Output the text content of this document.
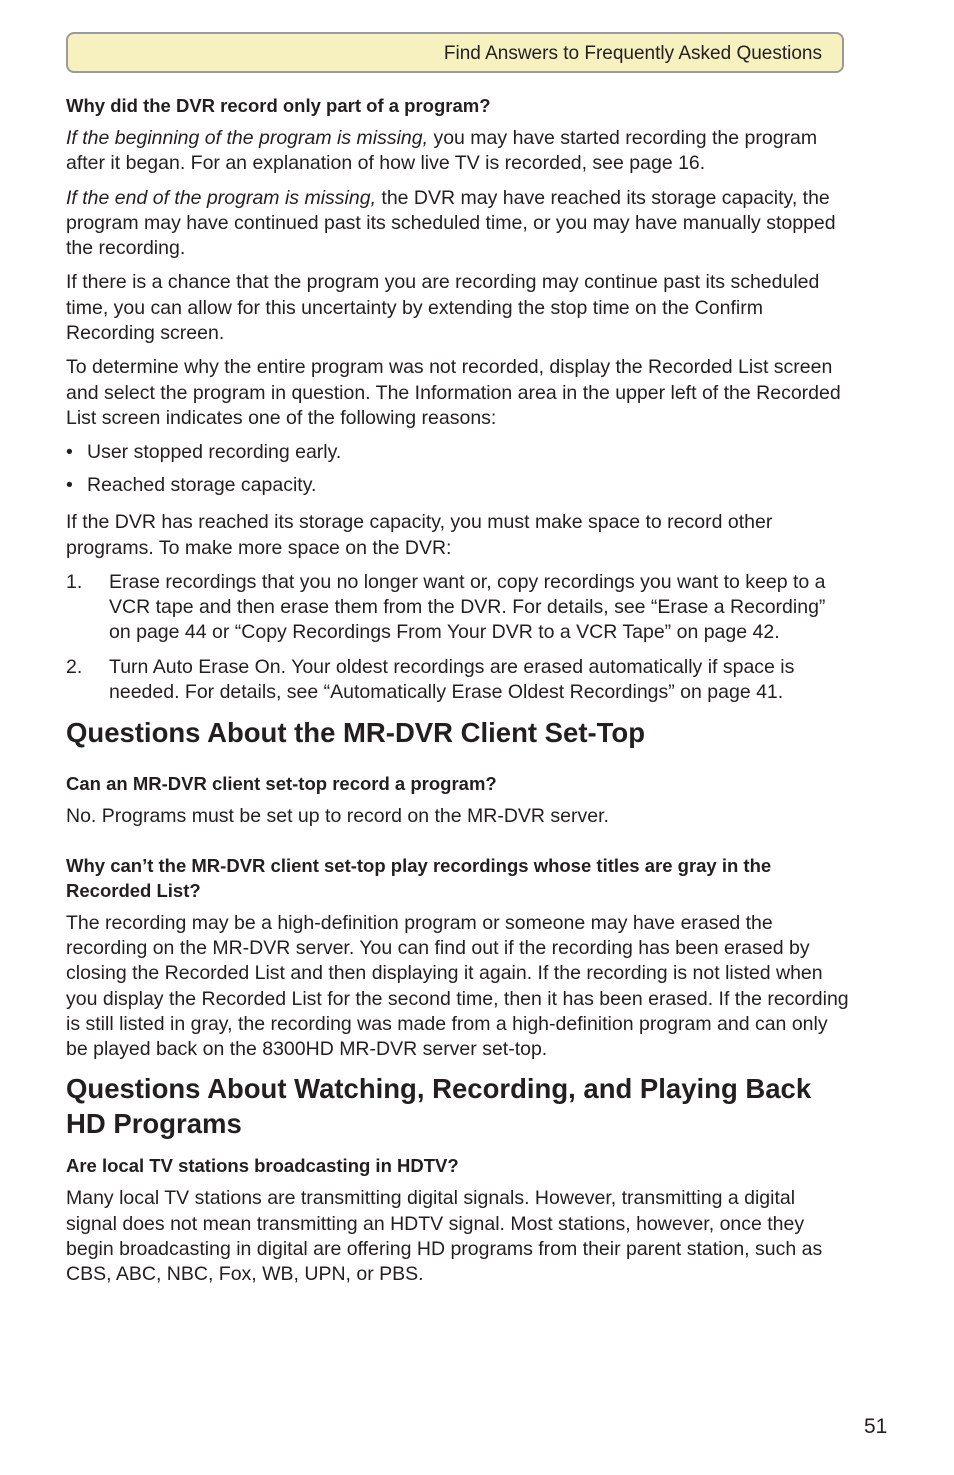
Find Answers to Frequently Asked Questions
Why did the DVR record only part of a program?
If the beginning of the program is missing, you may have started recording the program after it began. For an explanation of how live TV is recorded, see page 16.
If the end of the program is missing, the DVR may have reached its storage capacity, the program may have continued past its scheduled time, or you may have manually stopped the recording.
If there is a chance that the program you are recording may continue past its scheduled time, you can allow for this uncertainty by extending the stop time on the Confirm Recording screen.
To determine why the entire program was not recorded, display the Recorded List screen and select the program in question. The Information area in the upper left of the Recorded List screen indicates one of the following reasons:
• User stopped recording early.
• Reached storage capacity.
If the DVR has reached its storage capacity, you must make space to record other programs. To make more space on the DVR:
1. Erase recordings that you no longer want or, copy recordings you want to keep to a VCR tape and then erase them from the DVR. For details, see “Erase a Recording” on page 44 or “Copy Recordings From Your DVR to a VCR Tape” on page 42.
2. Turn Auto Erase On. Your oldest recordings are erased automatically if space is needed. For details, see “Automatically Erase Oldest Recordings” on page 41.
Questions About the MR-DVR Client Set-Top
Can an MR-DVR client set-top record a program?
No. Programs must be set up to record on the MR-DVR server.
Why can’t the MR-DVR client set-top play recordings whose titles are gray in the Recorded List?
The recording may be a high-definition program or someone may have erased the recording on the MR-DVR server. You can find out if the recording has been erased by closing the Recorded List and then displaying it again. If the recording is not listed when you display the Recorded List for the second time, then it has been erased. If the recording is still listed in gray, the recording was made from a high-definition program and can only be played back on the 8300HD MR-DVR server set-top.
Questions About Watching, Recording, and Playing Back HD Programs
Are local TV stations broadcasting in HDTV?
Many local TV stations are transmitting digital signals. However, transmitting a digital signal does not mean transmitting an HDTV signal. Most stations, however, once they begin broadcasting in digital are offering HD programs from their parent station, such as CBS, ABC, NBC, Fox, WB, UPN, or PBS.
51
